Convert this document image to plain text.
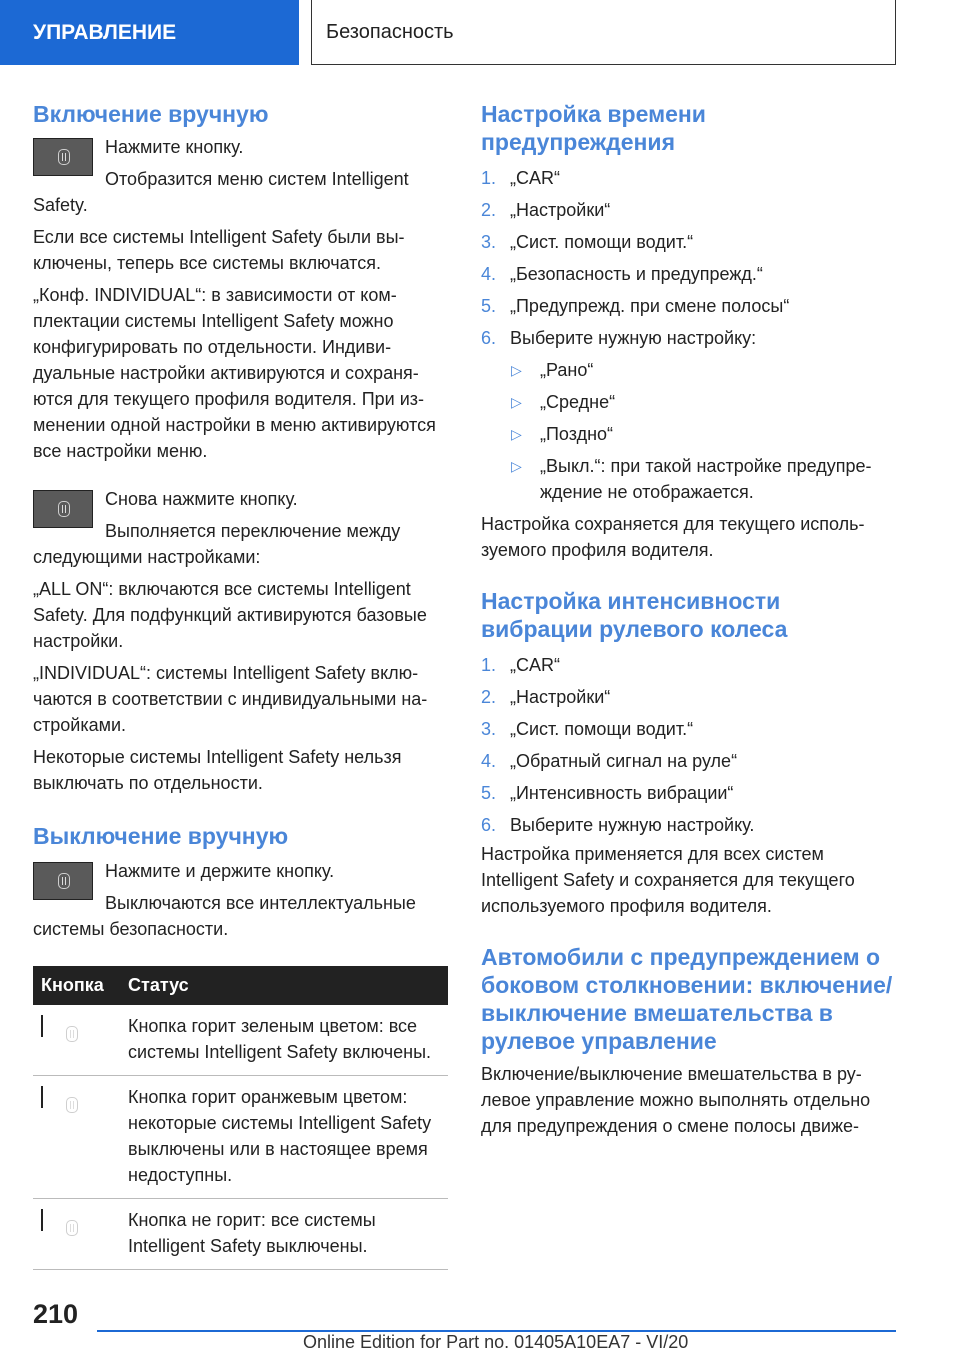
УПРАВЛЕНИЕ	Безопасность
Включение вручную

Нажмите кнопку.

Отобразится меню систем Intelligent Safety.

Если все системы Intelligent Safety были выключены, теперь все системы включатся.

„Конф. INDIVIDUAL“: в зависимости от комплектации системы Intelligent Safety можно конфигурировать по отдельности. Индивидуальные настройки активируются и сохраняются для текущего профиля водителя. При изменении одной настройки в меню активируются все настройки меню.

Снова нажмите кнопку.

Выполняется переключение между следующими настройками:

„ALL ON“: включаются все системы Intelligent Safety. Для подфункций активируются базовые настройки.

„INDIVIDUAL“: системы Intelligent Safety включаются в соответствии с индивидуальными настройками.

Некоторые системы Intelligent Safety нельзя выключать по отдельности.

Выключение вручную

Нажмите и держите кнопку.

Выключаются все интеллектуальные системы безопасности.

Кнопка	Статус

	Кнопка горит зеленым цветом: все системы Intelligent Safety включены.

	Кнопка горит оранжевым цветом: некоторые системы Intelligent Safety выключены или в настоящее время недоступны.

	Кнопка не горит: все системы Intelligent Safety выключены.
Настройка времени предупреждения
1. „CAR“
2. „Настройки“
3. „Сист. помощи водит.“
4. „Безопасность и предупрежд.“
5. „Предупрежд. при смене полосы“
6. Выберите нужную настройку:
▷ „Рано“
▷ „Средне“
▷ „Поздно“
▷ „Выкл.“: при такой настройке предупреждение не отображается.

Настройка сохраняется для текущего используемого профиля водителя.

Настройка интенсивности вибрации рулевого колеса
1. „CAR“
2. „Настройки“
3. „Сист. помощи водит.“
4. „Обратный сигнал на руле“
5. „Интенсивность вибрации“
6. Выберите нужную настройку.

Настройка применяется для всех систем Intelligent Safety и сохраняется для текущего используемого профиля водителя.

Автомобили с предупреждением о боковом столкновении: включение/выключение вмешательства в рулевое управление

Включение/выключение вмешательства в рулевое управление можно выполнять отдельно для предупреждения о смене полосы движе-

210
Online Edition for Part no. 01405A10EA7 - VI/20
